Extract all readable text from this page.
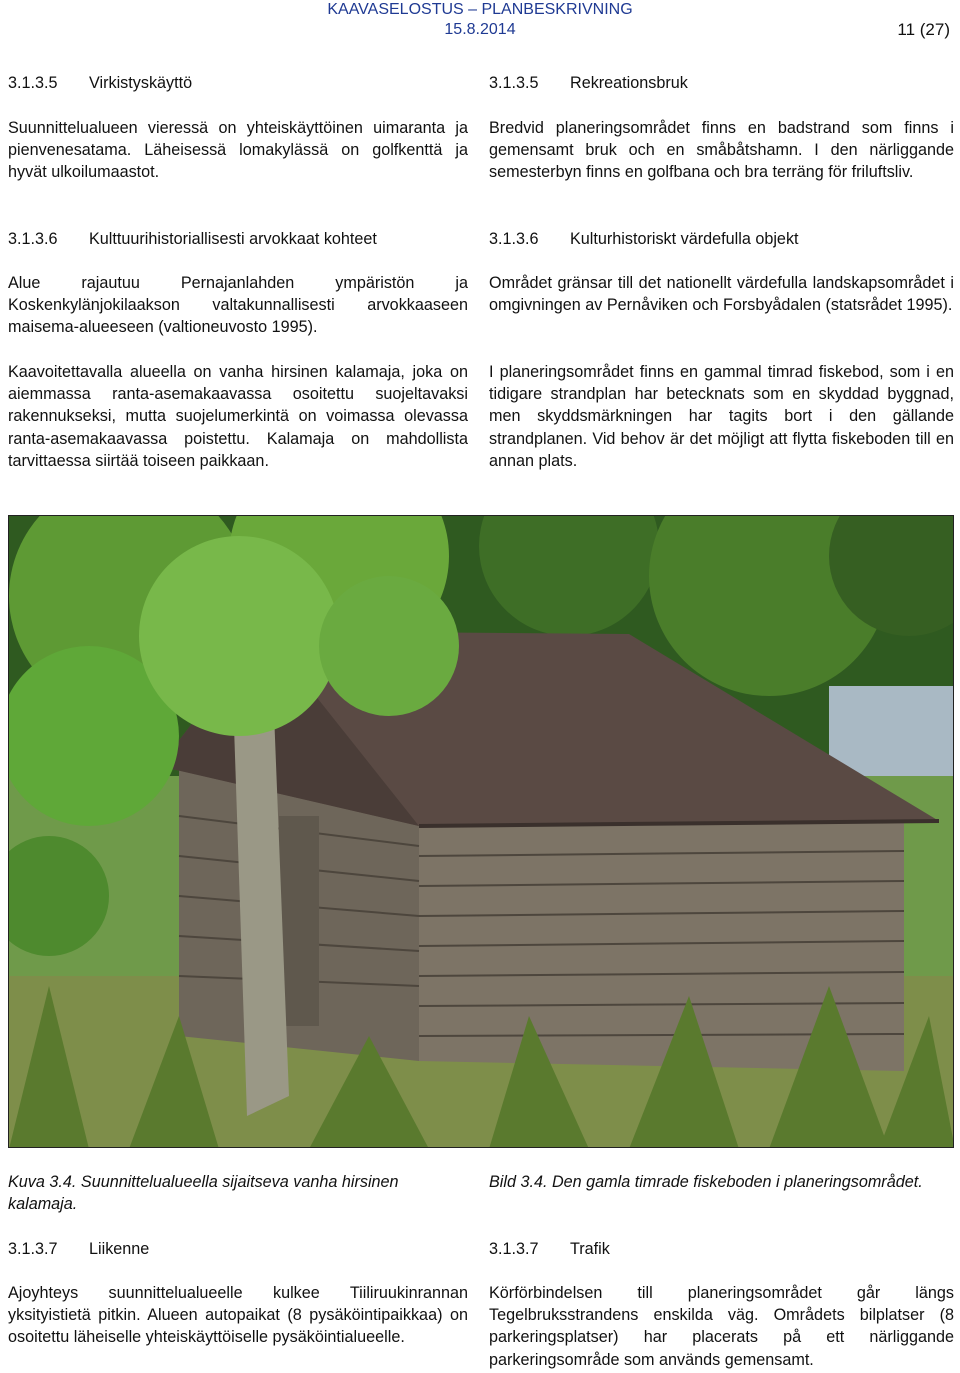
KAAVASELOSTUS – PLANBESKRIVNING
15.8.2014	11 (27)
3.1.3.5 Virkistyskäyttö	3.1.3.5 Rekreationsbruk
Suunnittelualueen vieressä on yhteiskäyttöinen uimaranta ja pienvenesatama. Läheisessä lomakylässä on golfkenttä ja hyvät ulkoilumaastot.
Bredvid planeringsområdet finns en badstrand som finns i gemensamt bruk och en småbåtshamn. I den närliggande semesterbyn finns en golfbana och bra terräng för friluftsliv.
3.1.3.6 Kulttuurihistoriallisesti arvokkaat kohteet	3.1.3.6 Kulturhistoriskt värdefulla objekt
Alue rajautuu Pernajanlahden ympäristön ja Koskenkylänjokilaakson valtakunnallisesti arvokkaaseen maisema-alueeseen (valtioneuvosto 1995).
Området gränsar till det nationellt värdefulla landskapsområdet i omgivningen av Pernåviken och Forsbyådalen (statsrådet 1995).
Kaavoitettavalla alueella on vanha hirsinen kalamaja, joka on aiemmassa ranta-asemakaavassa osoitettu suojeltavaksi rakennukseksi, mutta suojelumerkintä on voimassa olevassa ranta-asemakaavassa poistettu. Kalamaja on mahdollista tarvittaessa siirtää toiseen paikkaan.
I planeringsområdet finns en gammal timrad fiskebod, som i en tidigare strandplan har betecknats som en skyddad byggnad, men skyddsmärkningen har tagits bort i den gällande strandplanen. Vid behov är det möjligt att flytta fiskeboden till en annan plats.
Kuva 3.4. Suunnittelualueella sijaitseva vanha hirsinen kalamaja.
Bild 3.4. Den gamla timrade fiskeboden i planeringsområdet.
3.1.3.7 Liikenne	3.1.3.7 Trafik
Ajoyhteys suunnittelualueelle kulkee Tiiliruukinrannan yksityistietä pitkin. Alueen autopaikat (8 pysäköintipaikkaa) on osoitettu läheiselle yhteiskäyttöiselle pysäköintialueelle.
Körförbindelsen till planeringsområdet går längs Tegelbruksstrandens enskilda väg. Områdets bilplatser (8 parkeringsplatser) har placerats på ett närliggande parkeringsområde som används gemensamt.
